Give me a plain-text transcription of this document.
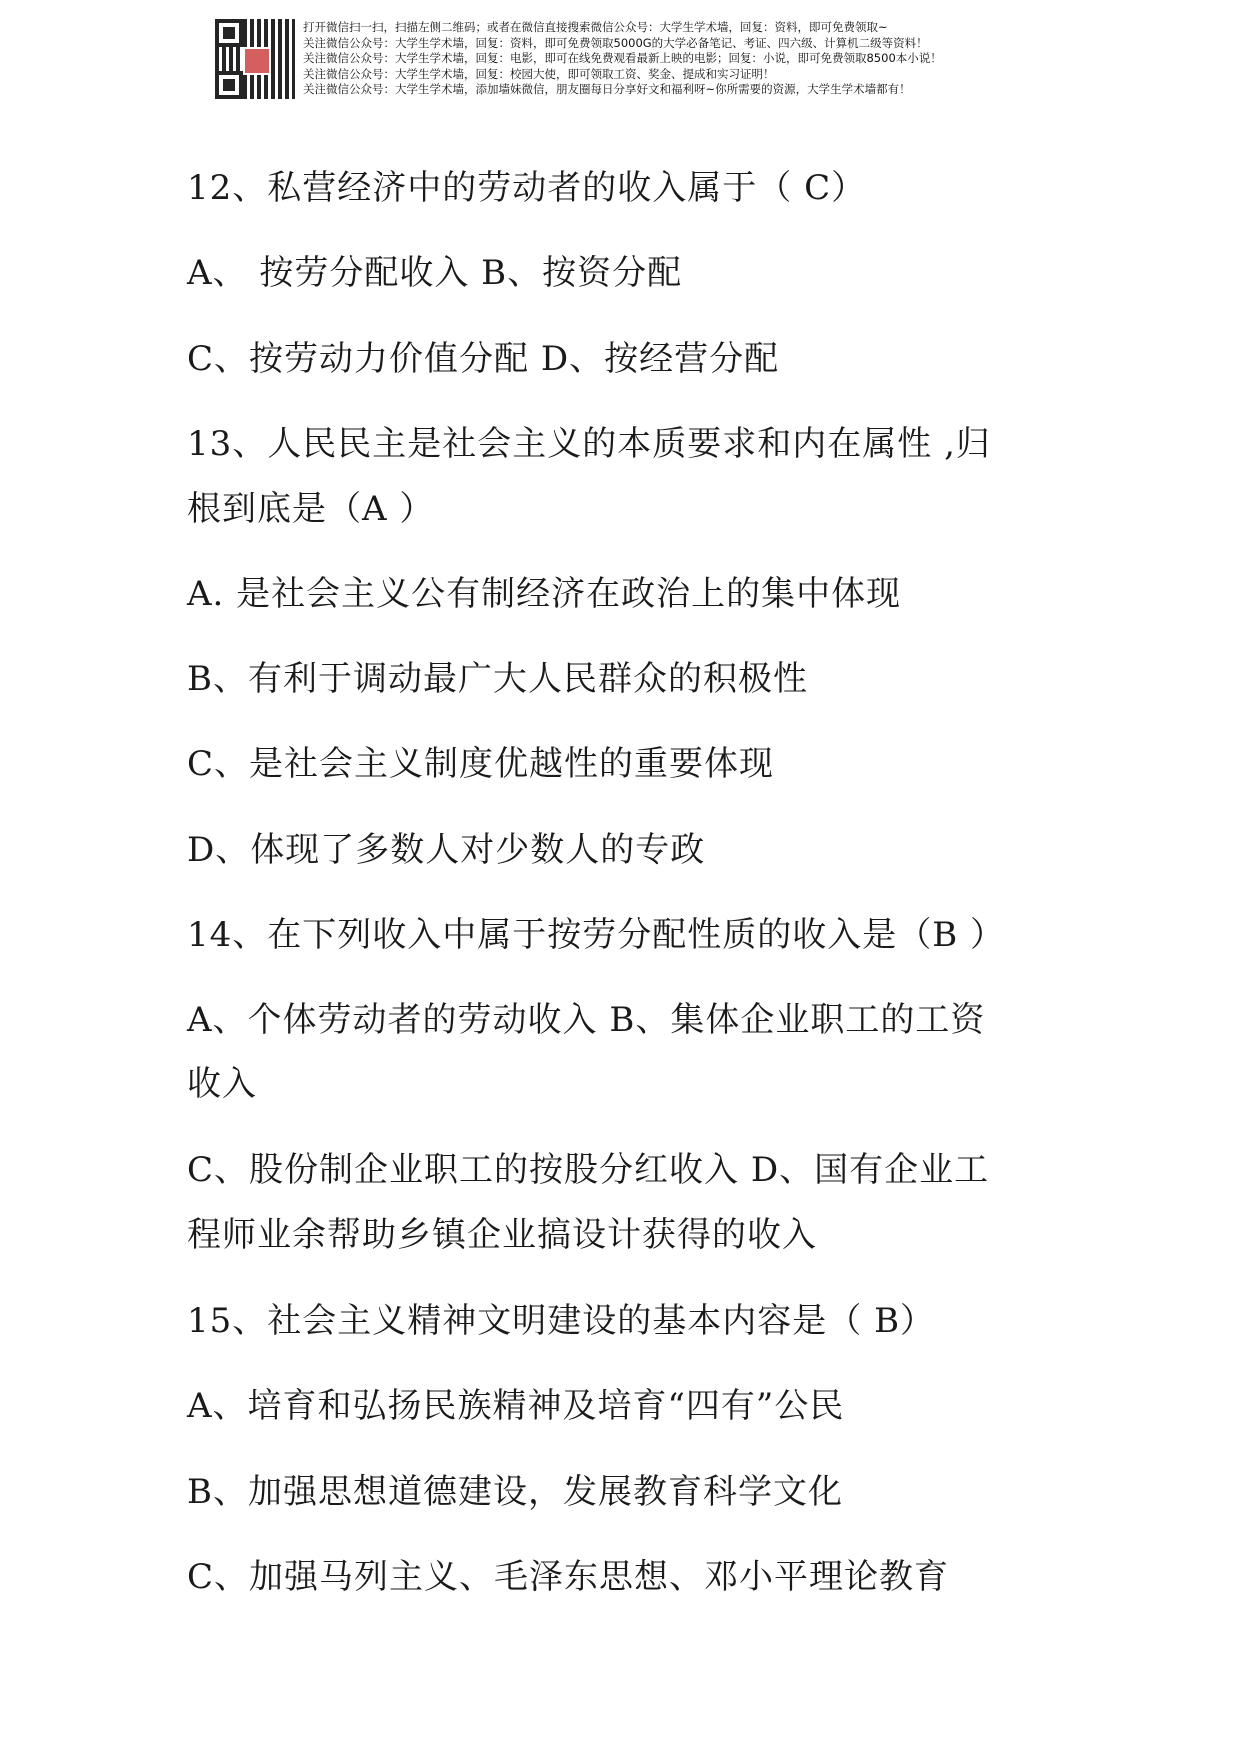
打开微信扫一扫，扫描左侧二维码；或者在微信直接搜索微信公众号：大学生学术墙，回复：资料，即可免费领取~
关注微信公众号：大学生学术墙，回复：资料，即可免费领取5000G的大学必备笔记、考证、四六级、计算机二级等资料！
关注微信公众号：大学生学术墙，回复：电影，即可在线免费观看最新上映的电影；回复：小说，即可免费领取8500本小说！
关注微信公众号：大学生学术墙，回复：校园大使，即可领取工资、奖金、提成和实习证明！
关注微信公众号：大学生学术墙，添加墙妹微信，朋友圈每日分享好文和福利呀~你所需要的资源，大学生学术墙都有！
12、私营经济中的劳动者的收入属于（ C）
A、 按劳分配收入 B、按资分配
C、按劳动力价值分配 D、按经营分配
13、人民民主是社会主义的本质要求和内在属性 ,归
根到底是（A ）
A. 是社会主义公有制经济在政治上的集中体现
B、有利于调动最广大人民群众的积极性
C、是社会主义制度优越性的重要体现
D、体现了多数人对少数人的专政
14、在下列收入中属于按劳分配性质的收入是（B ）
A、个体劳动者的劳动收入 B、集体企业职工的工资
收入
C、股份制企业职工的按股分红收入 D、国有企业工
程师业余帮助乡镇企业搞设计获得的收入
15、社会主义精神文明建设的基本内容是（ B）
A、培育和弘扬民族精神及培育“四有”公民
B、加强思想道德建设，发展教育科学文化
C、加强马列主义、毛泽东思想、邓小平理论教育
